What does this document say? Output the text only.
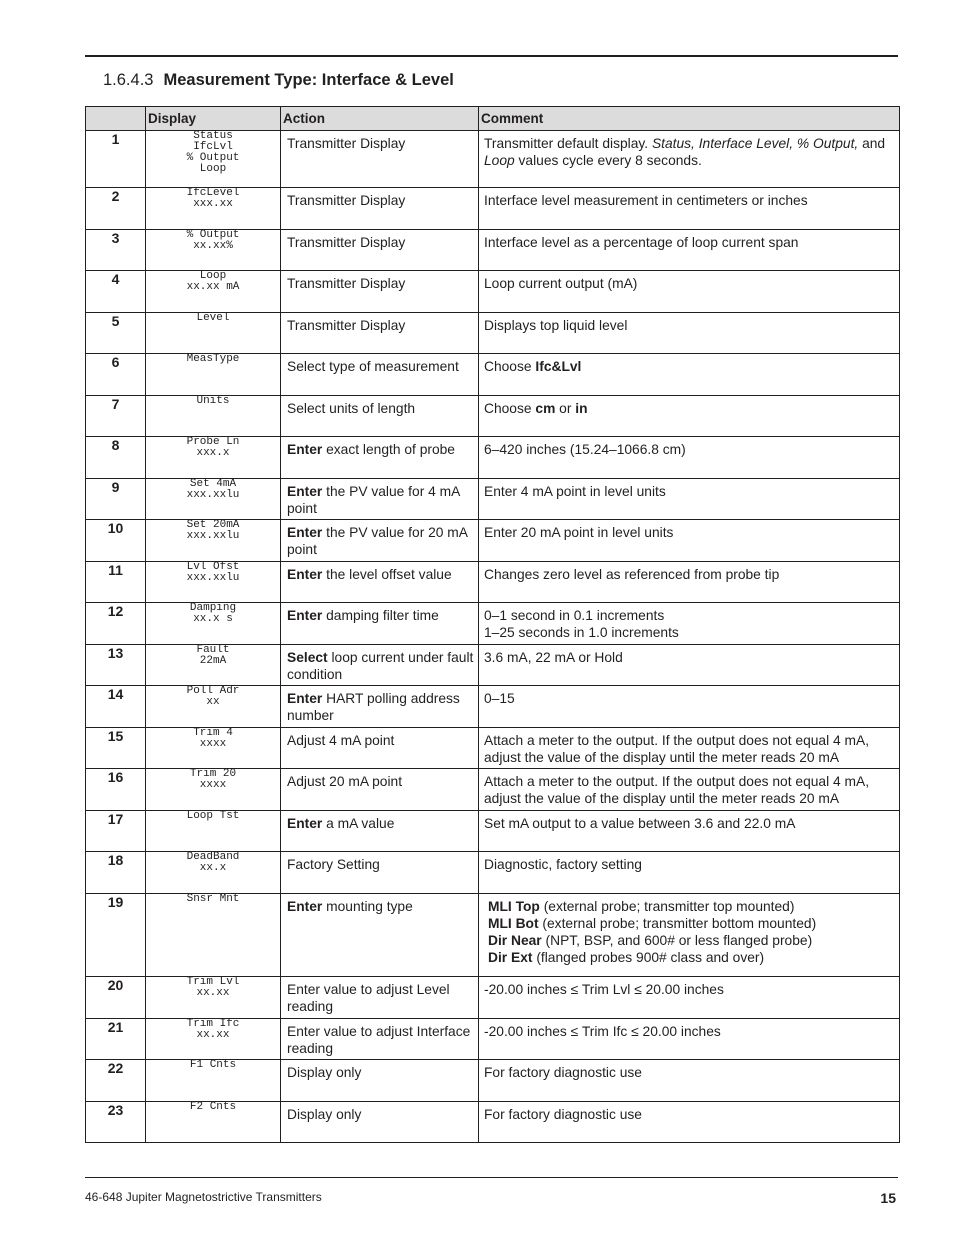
1.6.4.3 Measurement Type: Interface & Level
	Display	Action	Comment
1	Status
IfcLvl
% Output
Loop	Transmitter Display	Transmitter default display. Status, Interface Level, % Output, and Loop values cycle every 8 seconds.
2	IfcLevel
xxx.xx	Transmitter Display	Interface level measurement in centimeters or inches
3	% Output
xx.xx%	Transmitter Display	Interface level as a percentage of loop current span
4	Loop
xx.xx mA	Transmitter Display	Loop current output (mA)
5	Level	Transmitter Display	Displays top liquid level
6	MeasType	Select type of measurement	Choose Ifc&Lvl
7	Units	Select units of length	Choose cm or in
8	Probe Ln
xxx.x	Enter exact length of probe	6–420 inches (15.24–1066.8 cm)
9	Set 4mA
xxx.xxlu	Enter the PV value for 4 mA point	Enter 4 mA point in level units
10	Set 20mA
xxx.xxlu	Enter the PV value for 20 mA point	Enter 20 mA point in level units
11	Lvl Ofst
xxx.xxlu	Enter the level offset value	Changes zero level as referenced from probe tip
12	Damping
xx.x s	Enter damping filter time	0–1 second in 0.1 increments
1–25 seconds in 1.0 increments

13	Fault
22mA	Select loop current under fault condition	3.6 mA, 22 mA or Hold
14	Poll Adr
xx	Enter HART polling address number	0–15
15	Trim 4
xxxx	Adjust 4 mA point	Attach a meter to the output. If the output does not equal 4 mA, adjust the value of the display until the meter reads 20 mA
16	Trim 20
xxxx	Adjust 20 mA point	Attach a meter to the output. If the output does not equal 4 mA, adjust the value of the display until the meter reads 20 mA
17	Loop Tst	Enter a mA value	Set mA output to a value between 3.6 and 22.0 mA
18	DeadBand
xx.x	Factory Setting	Diagnostic, factory setting
19	Snsr Mnt	Enter mounting type	MLI Top (external probe; transmitter top mounted)
MLI Bot (external probe; transmitter bottom mounted)
Dir Near (NPT, BSP, and 600# or less flanged probe)
Dir Ext (flanged probes 900# class and over)
20	Trim Lvl
xx.xx	Enter value to adjust Level reading	-20.00 inches ≤ Trim Lvl ≤ 20.00 inches
21	Trim Ifc
xx.xx	Enter value to adjust Interface reading	-20.00 inches ≤ Trim Ifc ≤ 20.00 inches
22	F1 Cnts	Display only	For factory diagnostic use
23	F2 Cnts	Display only	For factory diagnostic use
46-648 Jupiter Magnetostrictive Transmitters	15
